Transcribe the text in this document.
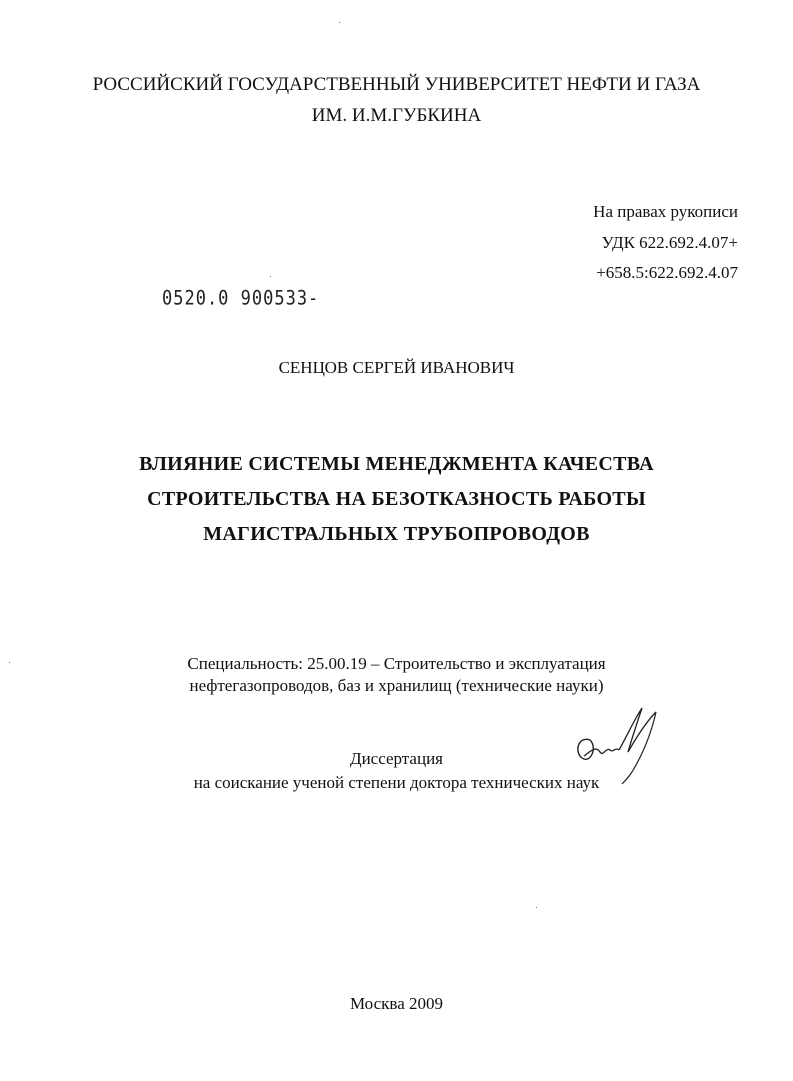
РОССИЙСКИЙ ГОСУДАРСТВЕННЫЙ УНИВЕРСИТЕТ НЕФТИ И ГАЗА
ИМ. И.М.ГУБКИНА
На правах рукописи
УДК 622.692.4.07+
+658.5:622.692.4.07
0520.0 900533-
СЕНЦОВ СЕРГЕЙ ИВАНОВИЧ
ВЛИЯНИЕ СИСТЕМЫ МЕНЕДЖМЕНТА КАЧЕСТВА
СТРОИТЕЛЬСТВА НА БЕЗОТКАЗНОСТЬ РАБОТЫ
МАГИСТРАЛЬНЫХ ТРУБОПРОВОДОВ
Специальность: 25.00.19 – Строительство и эксплуатация
нефтегазопроводов, баз и хранилищ (технические науки)
Диссертация
на соискание ученой степени доктора технических наук
Москва 2009
